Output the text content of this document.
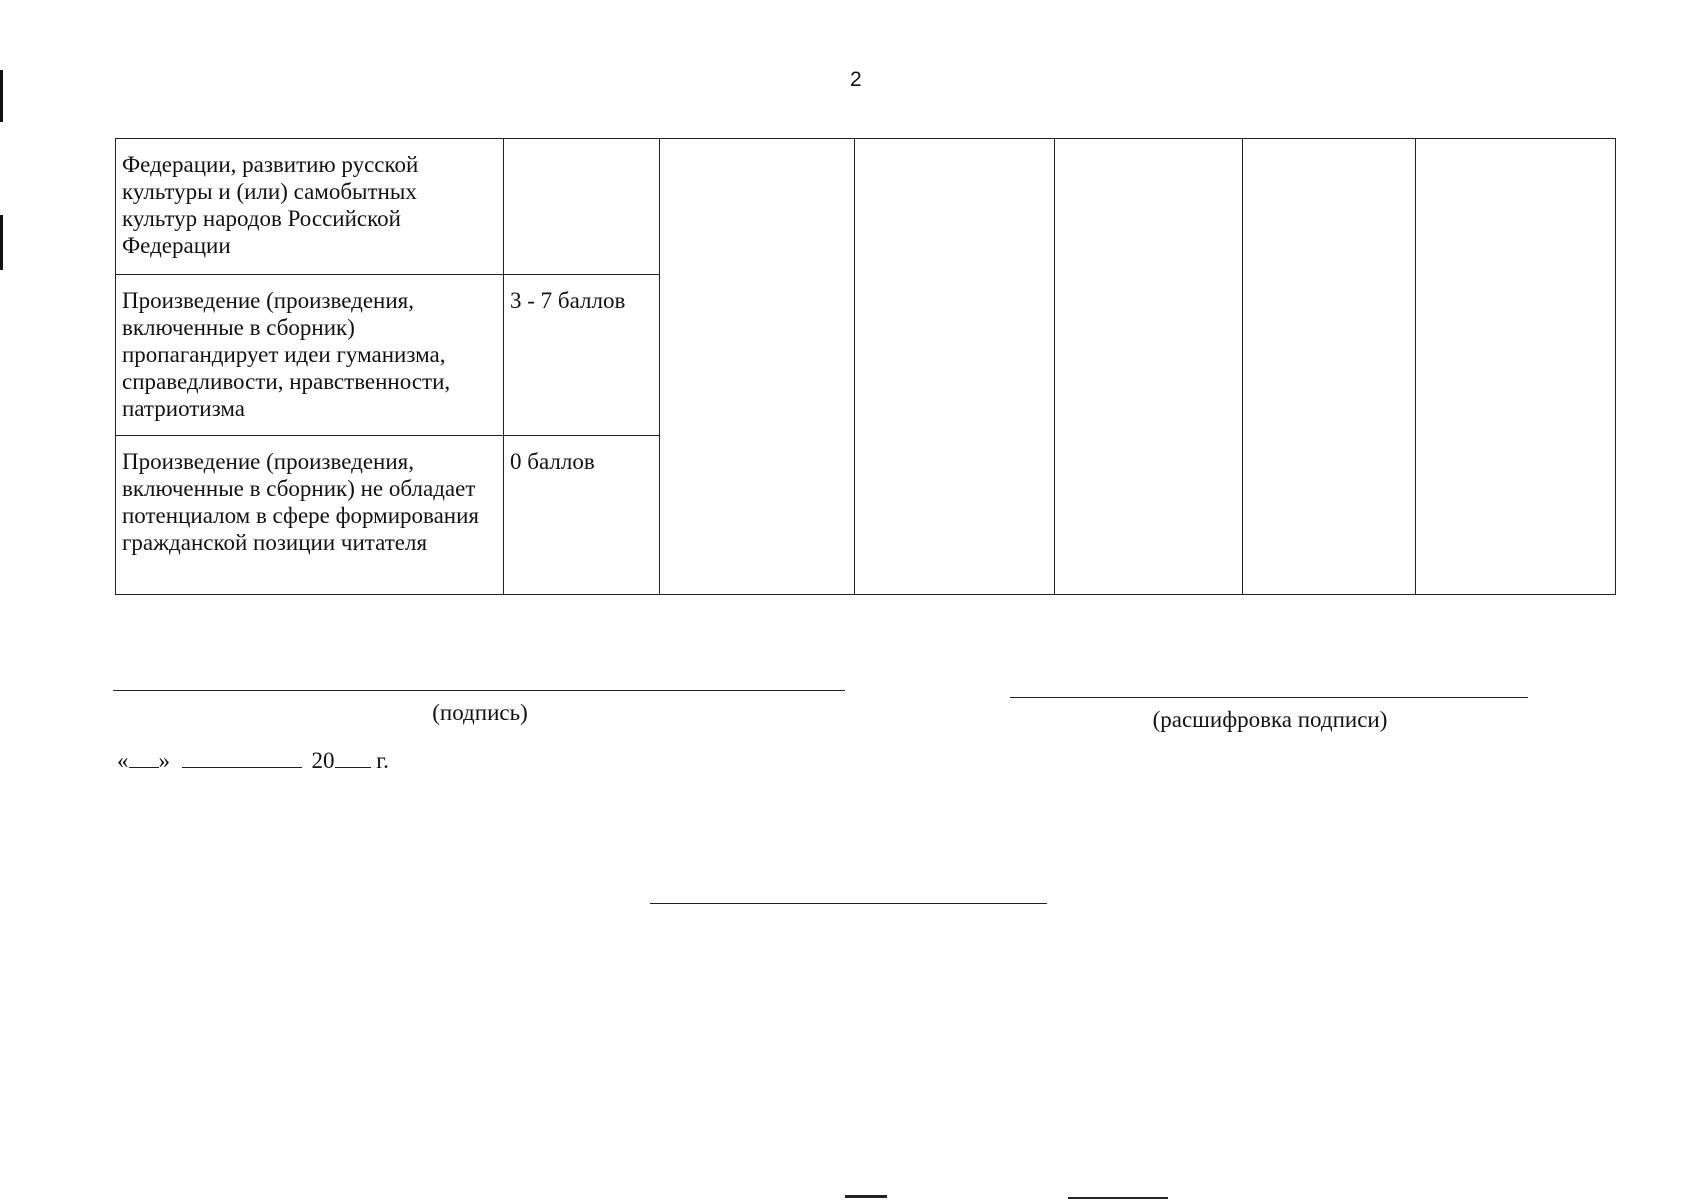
2
Федерации, развитию русской культуры и (или) самобытных культур народов Российской Федерации						
Произведение (произведения, включенные в сборник) пропагандирует идеи гуманизма, справедливости, нравственности, патриотизма	3 - 7 баллов					
Произведение (произведения, включенные в сборник) не обладает потенциалом в сфере формирования гражданской позиции читателя	0 баллов					
(подпись)	(расшифровка подписи)
« »	20 г.
